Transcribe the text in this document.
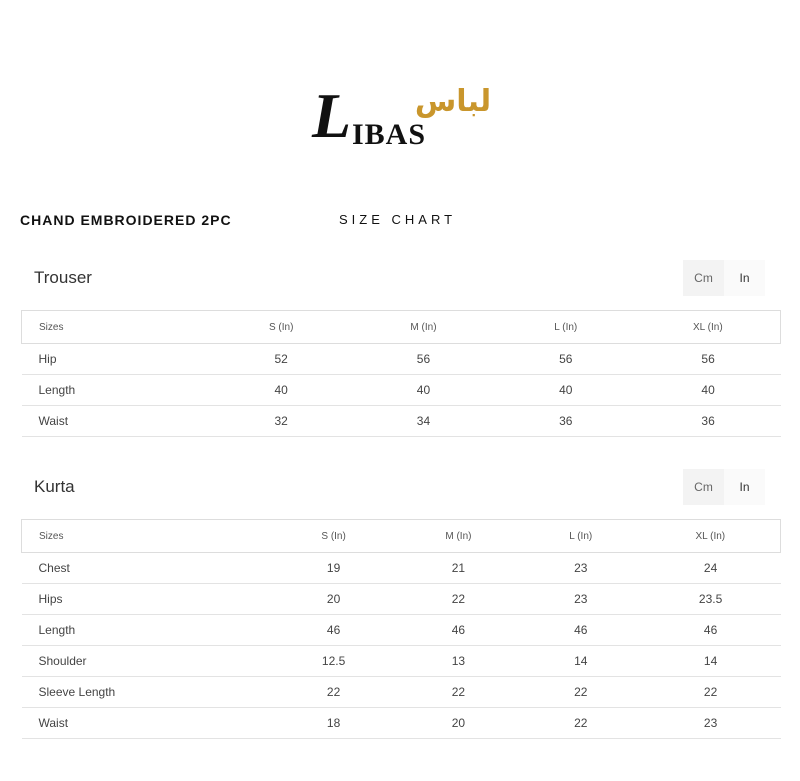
L IBAS
لباس
CHAND EMBROIDERED 2PC	SIZE CHART
Trouser	Cm	In
Sizes	S (In)	M (In)	L (In)	XL (In)
Hip	52	56	56	56
Length	40	40	40	40
Waist	32	34	36	36
Kurta	Cm	In
Sizes	S (In)	M (In)	L (In)	XL (In)
Chest	19	21	23	24
Hips	20	22	23	23.5
Length	46	46	46	46
Shoulder	12.5	13	14	14
Sleeve Length	22	22	22	22
Waist	18	20	22	23
